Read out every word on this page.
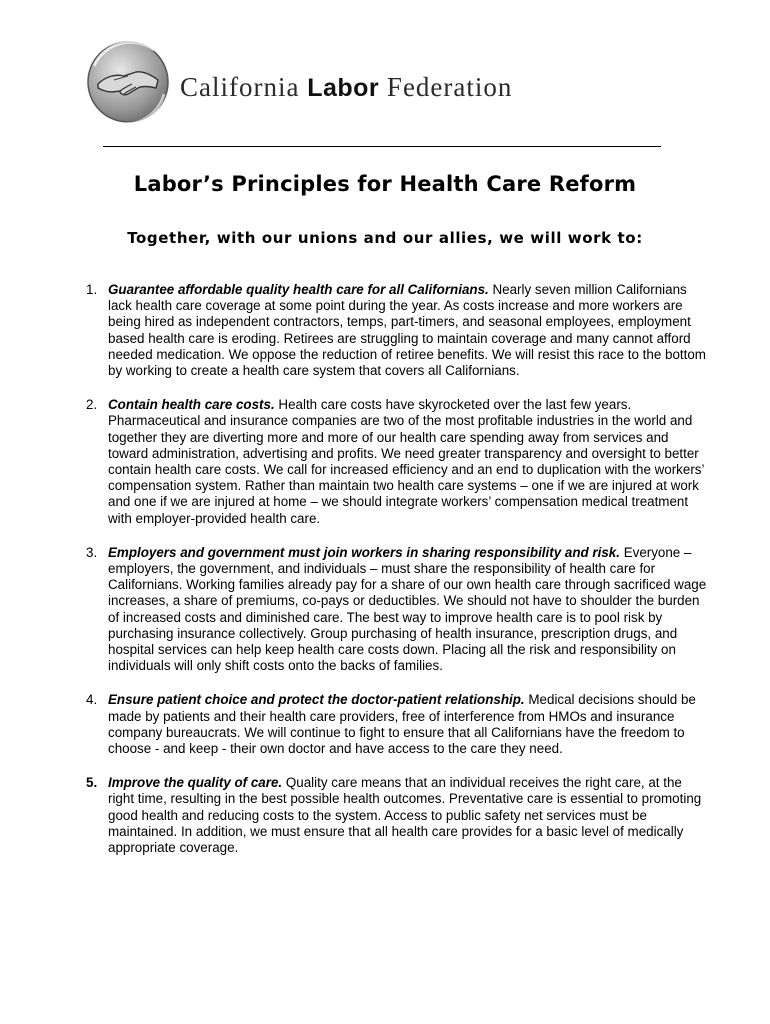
California Labor Federation
Labor’s Principles for Health Care Reform
Together, with our unions and our allies, we will work to:
1. Guarantee affordable quality health care for all Californians. Nearly seven million Californians lack health care coverage at some point during the year. As costs increase and more workers are being hired as independent contractors, temps, part-timers, and seasonal employees, employment based health care is eroding. Retirees are struggling to maintain coverage and many cannot afford needed medication. We oppose the reduction of retiree benefits. We will resist this race to the bottom by working to create a health care system that covers all Californians.
2. Contain health care costs. Health care costs have skyrocketed over the last few years. Pharmaceutical and insurance companies are two of the most profitable industries in the world and together they are diverting more and more of our health care spending away from services and toward administration, advertising and profits. We need greater transparency and oversight to better contain health care costs. We call for increased efficiency and an end to duplication with the workers’ compensation system. Rather than maintain two health care systems – one if we are injured at work and one if we are injured at home – we should integrate workers’ compensation medical treatment with employer-provided health care.
3. Employers and government must join workers in sharing responsibility and risk. Everyone – employers, the government, and individuals – must share the responsibility of health care for Californians. Working families already pay for a share of our own health care through sacrificed wage increases, a share of premiums, co-pays or deductibles. We should not have to shoulder the burden of increased costs and diminished care. The best way to improve health care is to pool risk by purchasing insurance collectively. Group purchasing of health insurance, prescription drugs, and hospital services can help keep health care costs down. Placing all the risk and responsibility on individuals will only shift costs onto the backs of families.
4. Ensure patient choice and protect the doctor-patient relationship. Medical decisions should be made by patients and their health care providers, free of interference from HMOs and insurance company bureaucrats. We will continue to fight to ensure that all Californians have the freedom to choose - and keep - their own doctor and have access to the care they need.
5. Improve the quality of care. Quality care means that an individual receives the right care, at the right time, resulting in the best possible health outcomes. Preventative care is essential to promoting good health and reducing costs to the system. Access to public safety net services must be maintained. In addition, we must ensure that all health care provides for a basic level of medically appropriate coverage.
